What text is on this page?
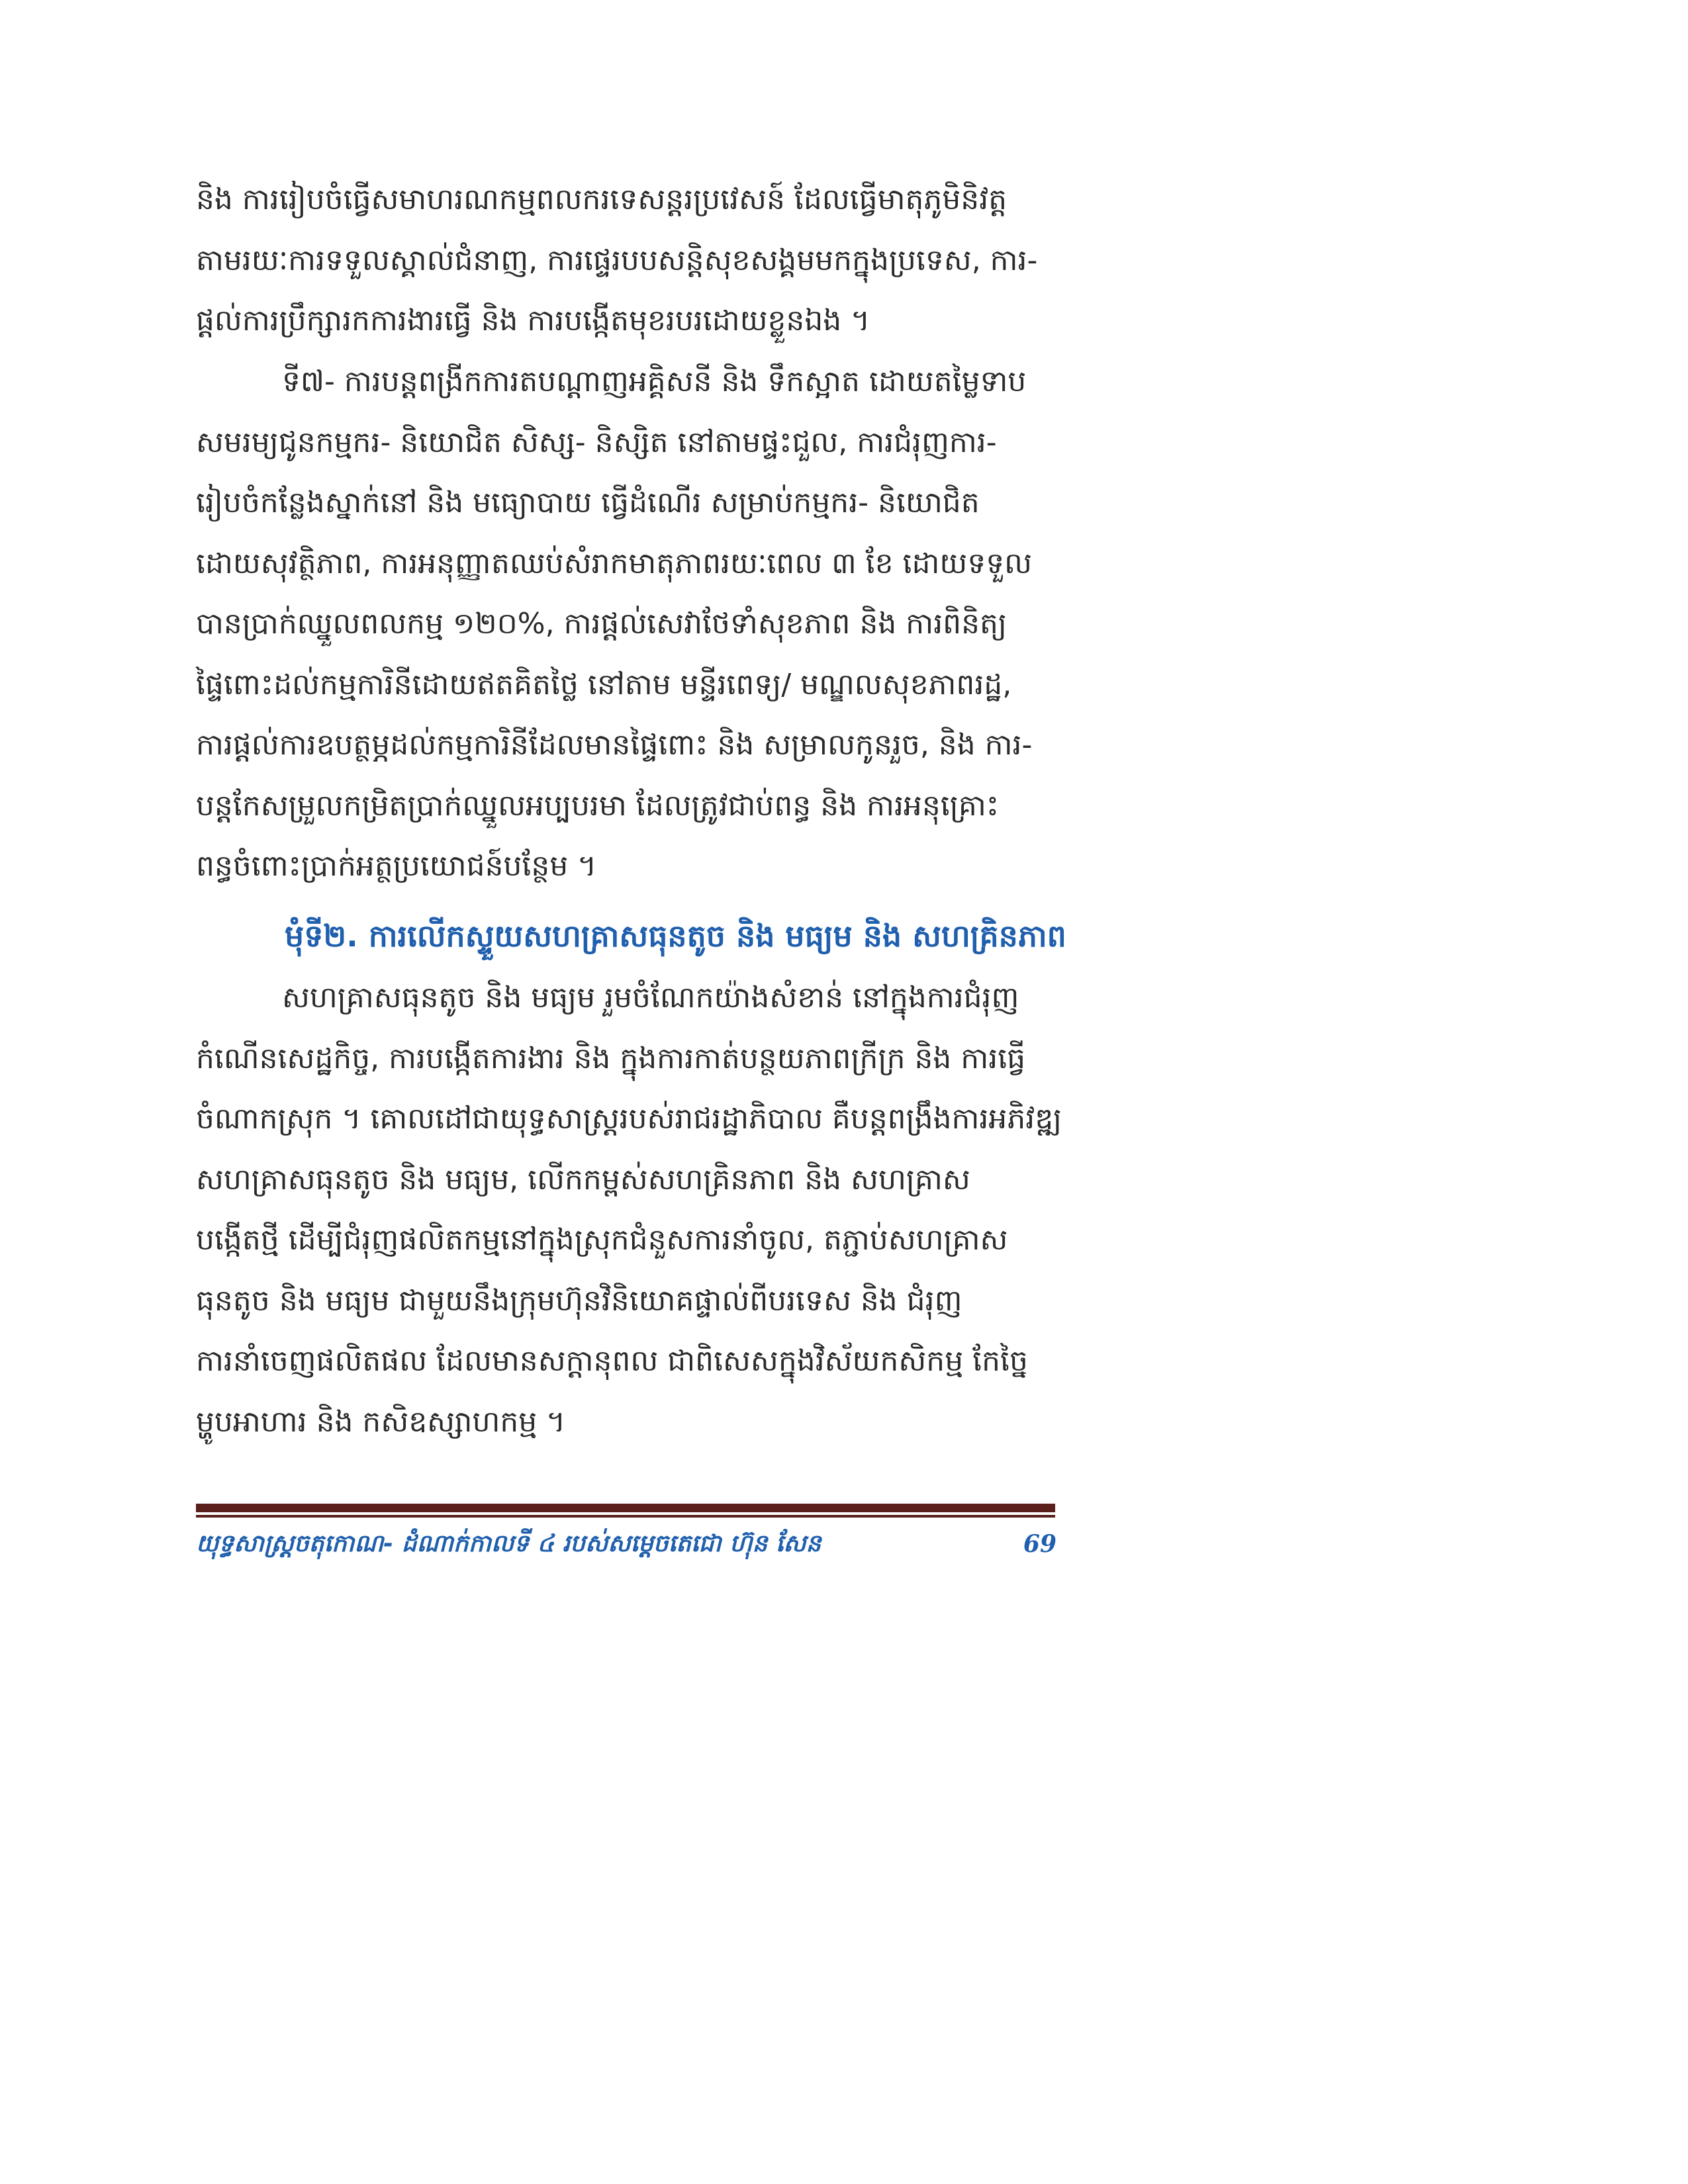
និង ការរៀបចំធ្វើសមាហរណកម្មពលករទេសន្តរប្រវេសន៍ ដែលធ្វើមាតុភូមិនិវត្ត
តាមរយៈការទទួលស្គាល់ជំនាញ, ការផ្ទេរបបសន្តិសុខសង្គមមកក្នុងប្រទេស, ការ-
ផ្តល់ការប្រឹក្សារកការងារធ្វើ និង ការបង្កើតមុខរបរដោយខ្លួនឯង ។
ទី៧- ការបន្តពង្រីកការតបណ្តាញអគ្គិសនី និង ទឹកស្អាត ដោយតម្លៃទាប
សមរម្យជូនកម្មករ- និយោជិត សិស្ស- និស្សិត នៅតាមផ្ទះជួល, ការជំរុញការ-
រៀបចំកន្លែងស្នាក់នៅ និង មធ្យោបាយ ធ្វើដំណើរ សម្រាប់កម្មករ- និយោជិត
ដោយសុវត្ថិភាព, ការអនុញ្ញាតឈប់សំរាកមាតុភាពរយៈពេល ៣ ខែ ដោយទទួល
បានប្រាក់ឈ្នួលពលកម្ម ១២០%, ការផ្តល់សេវាថែទាំសុខភាព និង ការពិនិត្យ
ផ្ទៃពោះដល់កម្មការិនីដោយឥតគិតថ្លៃ នៅតាម មន្ទីរពេទ្យ/ មណ្ឌលសុខភាពរដ្ឋ,
ការផ្តល់ការឧបត្ថម្ភដល់កម្មការិនីដែលមានផ្ទៃពោះ និង សម្រាលកូនរួច, និង ការ-
បន្តកែសម្រួលកម្រិតប្រាក់ឈ្នួលអប្បបរមា ដែលត្រូវជាប់ពន្ធ និង ការអនុគ្រោះ
ពន្ធចំពោះប្រាក់អត្ថប្រយោជន៍បន្ថែម ។
មុំទី២. ការលើកស្ទួយសហគ្រាសធុនតូច និង មធ្យម និង សហគ្រិនភាព
សហគ្រាសធុនតូច និង មធ្យម រួមចំណែកយ៉ាងសំខាន់ នៅក្នុងការជំរុញ
កំណើនសេដ្ឋកិច្ច, ការបង្កើតការងារ និង ក្នុងការកាត់បន្ថយភាពក្រីក្រ និង ការធ្វើ
ចំណាកស្រុក ។ គោលដៅជាយុទ្ធសាស្ត្ររបស់រាជរដ្ឋាភិបាល គឺបន្តពង្រឹងការអភិវឌ្ឍ
សហគ្រាសធុនតូច និង មធ្យម, លើកកម្ពស់សហគ្រិនភាព និង សហគ្រាស
បង្កើតថ្មី ដើម្បីជំរុញផលិតកម្មនៅក្នុងស្រុកជំនួសការនាំចូល, តភ្ជាប់សហគ្រាស
ធុនតូច និង មធ្យម ជាមួយនឹងក្រុមហ៊ុនវិនិយោគផ្ទាល់ពីបរទេស និង ជំរុញ
ការនាំចេញផលិតផល ដែលមានសក្តានុពល ជាពិសេសក្នុងវិស័យកសិកម្ម កែច្នៃ
ម្ហូបអាហារ និង កសិឧស្សាហកម្ម ។
យុទ្ធសាស្ត្រចតុកោណ- ដំណាក់កាលទី ៤ របស់សម្តេចតេជោ ហ៊ុន សែន	69
